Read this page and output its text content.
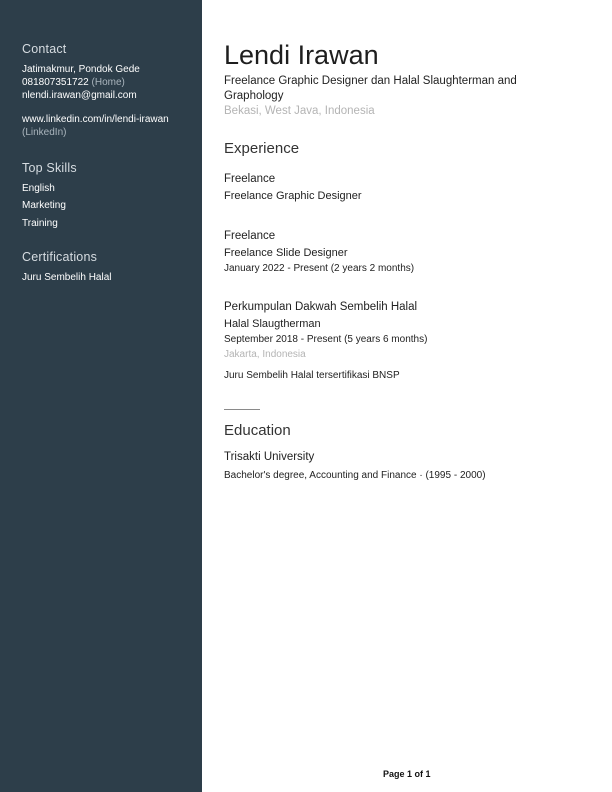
Contact
Jatimakmur, Pondok Gede
081807351722 (Home)
nlendi.irawan@gmail.com
www.linkedin.com/in/lendi-irawan
(LinkedIn)
Top Skills
English
Marketing
Training
Certifications
Juru Sembelih Halal
Lendi Irawan
Freelance Graphic Designer dan Halal Slaughterman and Graphology
Bekasi, West Java, Indonesia
Experience
Freelance
Freelance Graphic Designer
Freelance
Freelance Slide Designer
January 2022 - Present (2 years 2 months)
Perkumpulan Dakwah Sembelih Halal
Halal Slaugtherman
September 2018 - Present (5 years 6 months)
Jakarta, Indonesia
Juru Sembelih Halal tersertifikasi BNSP
Education
Trisakti University
Bachelor's degree, Accounting and Finance · (1995 - 2000)
Page 1 of 1
